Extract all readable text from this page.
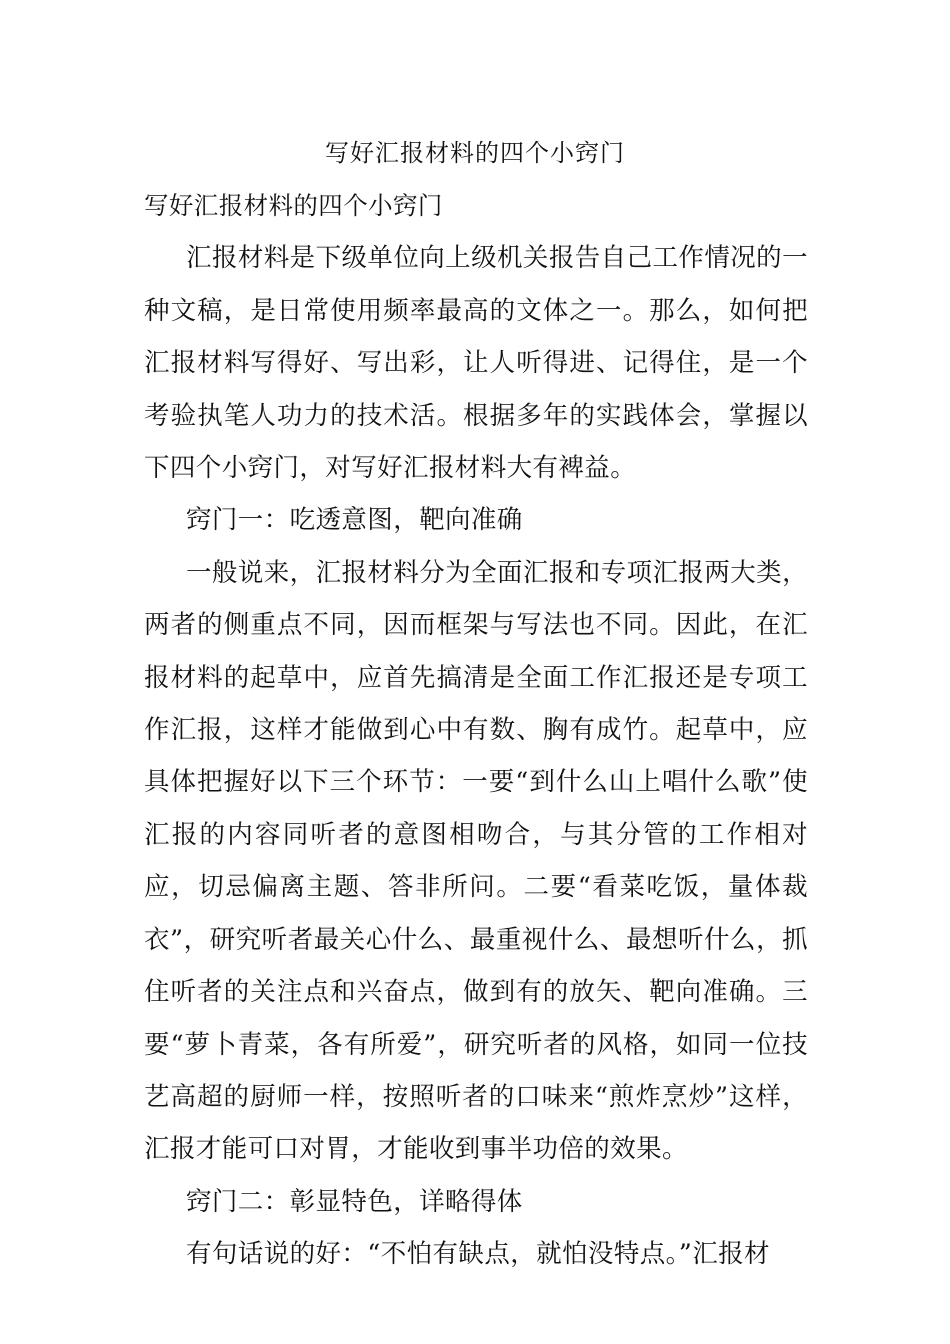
写好汇报材料的四个小窍门

写好汇报材料的四个小窍门

汇报材料是下级单位向上级机关报告自己工作情况的一种文稿，是日常使用频率最高的文体之一。那么，如何把汇报材料写得好、写出彩，让人听得进、记得住，是一个考验执笔人功力的技术活。根据多年的实践体会，掌握以下四个小窍门，对写好汇报材料大有裨益。

窍门一：吃透意图，靶向准确

一般说来，汇报材料分为全面汇报和专项汇报两大类，两者的侧重点不同，因而框架与写法也不同。因此，在汇报材料的起草中，应首先搞清是全面工作汇报还是专项工作汇报，这样才能做到心中有数、胸有成竹。起草中，应具体把握好以下三个环节：一要“到什么山上唱什么歌”使汇报的内容同听者的意图相吻合，与其分管的工作相对应，切忌偏离主题、答非所问。二要“看菜吃饭，量体裁衣”，研究听者最关心什么、最重视什么、最想听什么，抓住听者的关注点和兴奋点，做到有的放矢、靶向准确。三要“萝卜青菜，各有所爱”，研究听者的风格，如同一位技艺高超的厨师一样，按照听者的口味来“煎炸烹炒”这样，汇报才能可口对胃，才能收到事半功倍的效果。

窍门二：彰显特色，详略得体

有句话说的好：“不怕有缺点，就怕没特点。”汇报材
